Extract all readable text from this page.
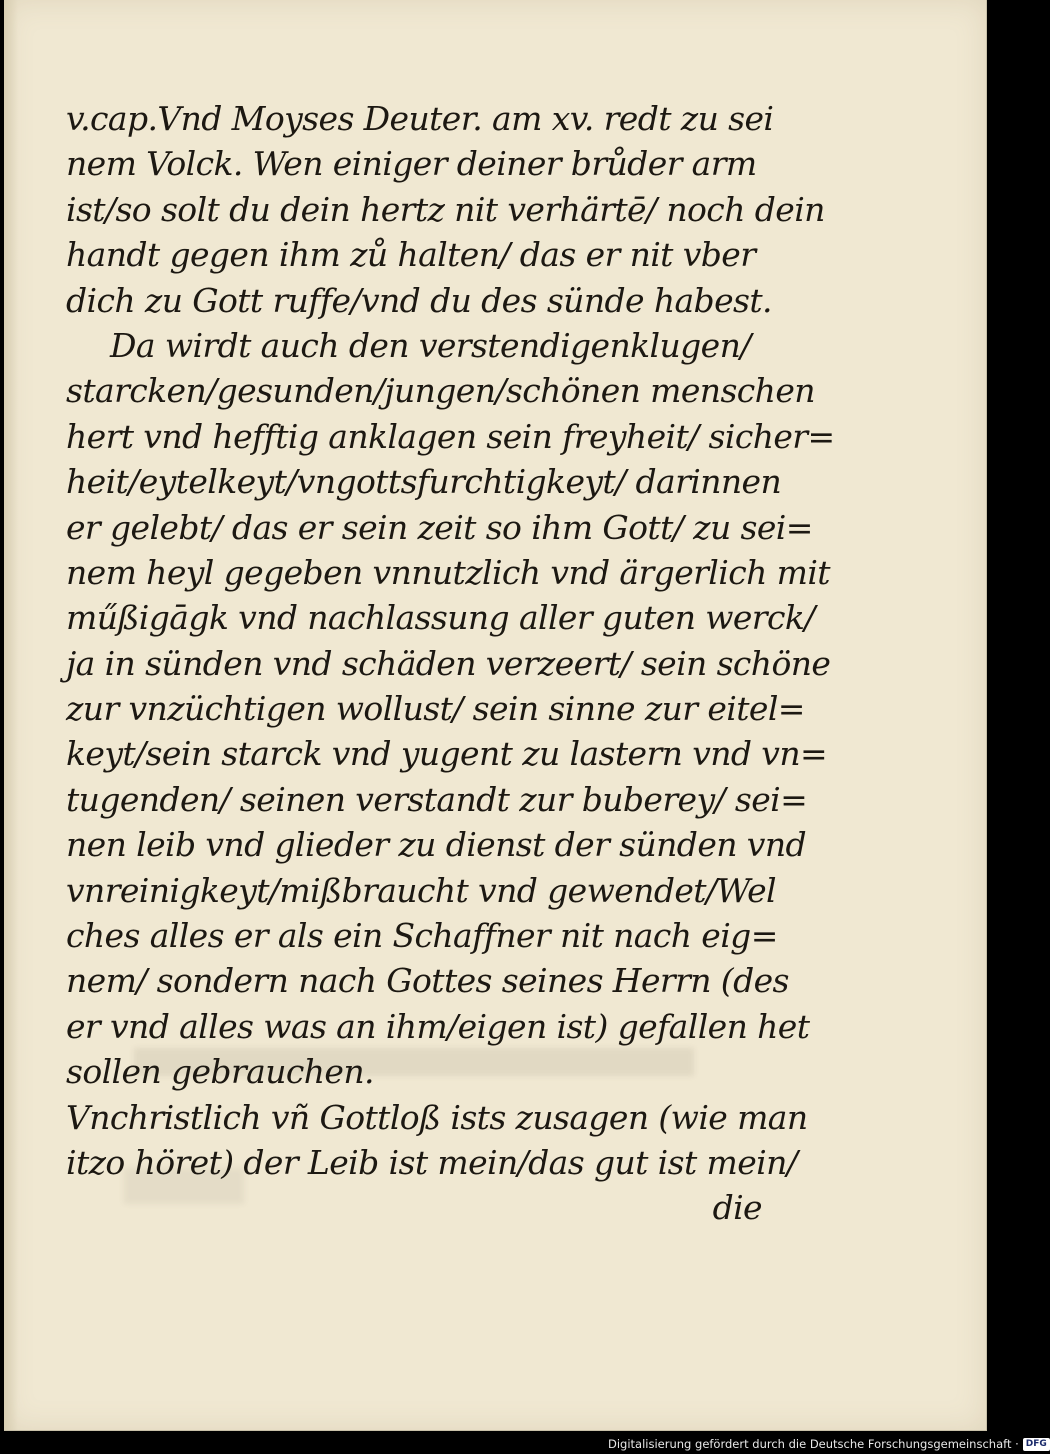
v.cap.Vnd Moyses Deuter. am xv. redt zu sei
nem Volck. Wen einiger deiner brůder arm
ist/so solt du dein hertz nit verhärtē/ noch dein
handt gegen ihm zů halten/ das er nit vber
dich zu Gott ruffe/vnd du des sünde habest.
Da wirdt auch den verstendigenklugen/
starcken/gesunden/jungen/schönen menschen
hert vnd hefftig anklagen sein freyheit/ sicher=
heit/eytelkeyt/vngottsfurchtigkeyt/ darinnen
er gelebt/ das er sein zeit so ihm Gott/ zu sei=
nem heyl gegeben vnnutzlich vnd ärgerlich mit
műßigāgk vnd nachlassung aller guten werck/
ja in sünden vnd schäden verzeert/ sein schöne
zur vnzüchtigen wollust/ sein sinne zur eitel=
keyt/sein starck vnd yugent zu lastern vnd vn=
tugenden/ seinen verstandt zur buberey/ sei=
nen leib vnd glieder zu dienst der sünden vnd
vnreinigkeyt/mißbraucht vnd gewendet/Wel
ches alles er als ein Schaffner nit nach eig=
nem/ sondern nach Gottes seines Herrn (des
er vnd alles was an ihm/eigen ist) gefallen het
sollen gebrauchen.
Vnchristlich vñ Gottloß ists zusagen (wie man
itzo höret) der Leib ist mein/das gut ist mein/
die
Digitalisierung gefördert durch die Deutsche Forschungsgemeinschaft · DFG
